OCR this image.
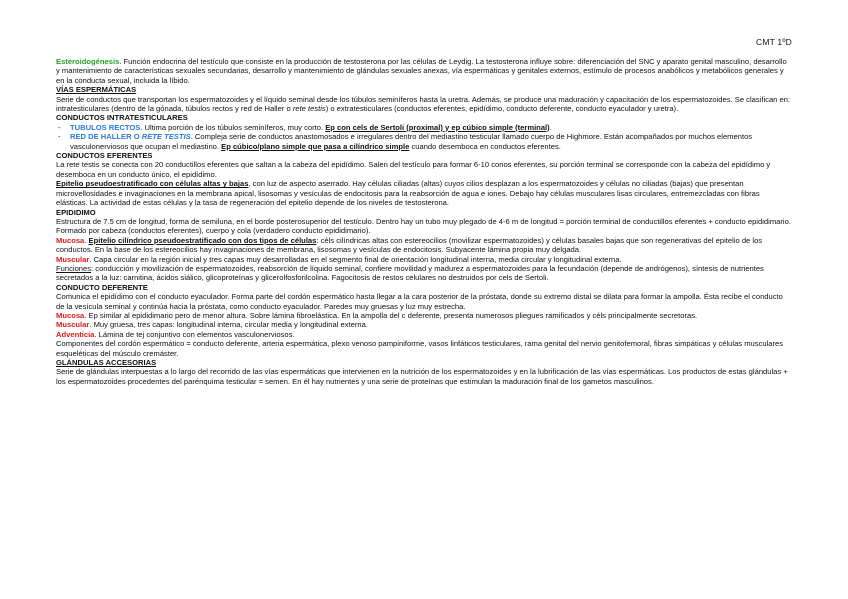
CMT 1ºD

Esteroidogénesis. Función endocrina del testículo que consiste en la producción de testosterona por las células de Leydig. La testosterona influye sobre: diferenciación del SNC y aparato genital masculino, desarrollo y mantenimiento de características sexuales secundarias, desarrollo y mantenimiento de glándulas sexuales anexas, vía espermáticas y genitales externos, estímulo de procesos anabólicos y metabólicos generales y en la conducta sexual, incluida la líbido.

VÍAS ESPERMÁTICAS

Serie de conductos que transportan los espermatozoides y el líquido seminal desde los túbulos seminíferos hasta la uretra. Además, se produce una maduración y capacitación de los espermatozoides. Se clasifican en: intratesticulares (dentro de la gónada, túbulos rectos y red de Haller o rete testis) o extratesticulares (conductos eferentes, epidídimo, conducto deferente, conducto eyaculador y uretra).

CONDUCTOS INTRATESTICULARES

- TUBULOS RECTOS. Ultima porción de los túbulos seminíferos, muy corto. Ep con cels de Sertoli (proximal) y ep cúbico simple (terminal).

- RED DE HALLER O RETE TESTIS. Compleja serie de conductos anastomosados e irregulares dentro del mediastino testicular llamado cuerpo de Highmore. Están acompañados por muchos elementos vasculonerviosos que ocupan el mediastino. Ep cúbico/plano simple que pasa a cilíndrico simple cuando desemboca en conductos eferentes.

CONDUCTOS EFERENTES

La rete testis se conecta con 20 conductillos eferentes que saltan a la cabeza del epidídimo. Salen del testículo para formar 6-10 conos eferentes, su porción terminal se corresponde con la cabeza del epidídimo y desemboca en un conducto único, el epidídimo.

Epitelio pseudoestratificado con células altas y bajas, con luz de aspecto aserrado. Hay células ciliadas (altas) cuyos cilios desplazan a los espermatozoides y células no ciliadas (bajas) que presentan microvellosidades e invaginaciones en la membrana apical, lisosomas y vesículas de endocitosis para la reabsorción de agua e iones. Debajo hay células musculares lisas circulares, entremezcladas con fibras elásticas. La actividad de estas células y la tasa de regeneración del epitelio depende de los niveles de testosterona.

EPIDIDIMO

Estructura de 7.5 cm de longitud, forma de semiluna, en el borde posterosuperior del testículo. Dentro hay un tubo muy plegado de 4-6 m de longitud = porción terminal de conductillos eferentes + conducto epididimario. Formado por cabeza (conductos eferentes), cuerpo y cola (verdadero conducto epididimario).

Mucosa. Epitelio cilíndrico pseudoestratificado con dos tipos de células: céls cilíndricas altas con estereocilios (movilizar espermatozoides) y células basales bajas que son regenerativas del epitelio de los conductos. En la base de los estereocilios hay invaginaciones de membrana, lisosomas y vesículas de endocitosis. Subyacente lámina propia muy delgada.

Muscular. Capa circular en la región inicial y tres capas muy desarrolladas en el segmento final de orientación longitudinal interna, media circular y longitudinal externa.

Funciones: conducción y movilización de espermatozoides, reabsorción de líquido seminal, confiere movilidad y madurez a espermatozoides para la fecundación (depende de andrógenos), síntesis de nutrientes secretados a la luz: carnitina, ácidos siálico, glicoproteínas y glicerolfosforilcolina. Fagocitosis de restos celulares no destruidos por cels de Sertoli.

CONDUCTO DEFERENTE

Comunica el epidídimo con el conducto eyaculador. Forma parte del cordón espermático hasta llegar a la cara posterior de la próstata, donde su extremo distal se dilata para formar la ampolla. Ésta recibe el conducto de la vesícula seminal y continúa hacia la próstata, como conducto eyaculador. Paredes muy gruesas y luz muy estrecha.

Mucosa. Ep similar al epididimario pero de menor altura. Sobre lámina fibroelástica. En la ampolla del c deferente, presenta numerosos pliegues ramificados y céls principalmente secretoras.

Muscular. Muy gruesa, tres capas: longitudinal interna, circular media y longitudinal externa.

Adventicia. Lámina de tej conjuntivo con elementos vasculonerviosos.

Componentes del cordón espermático = conducto deferente, arteria espermática, plexo venoso pampiniforme, vasos linfáticos testiculares, rama genital del nervio genitofemoral, fibras simpáticas y células musculares esqueléticas del músculo cremáster.

GLÁNDULAS ACCESORIAS

Serie de glándulas interpuestas a lo largo del recorrido de las vías espermáticas que intervienen en la nutrición de los espermatozoides y en la lubrificación de las vías espermáticas. Los productos de estas glándulas + los espermatozoides procedentes del parénquima testicular = semen. En él hay nutrientes y una serie de proteínas que estimulan la maduración final de los gametos masculinos.
